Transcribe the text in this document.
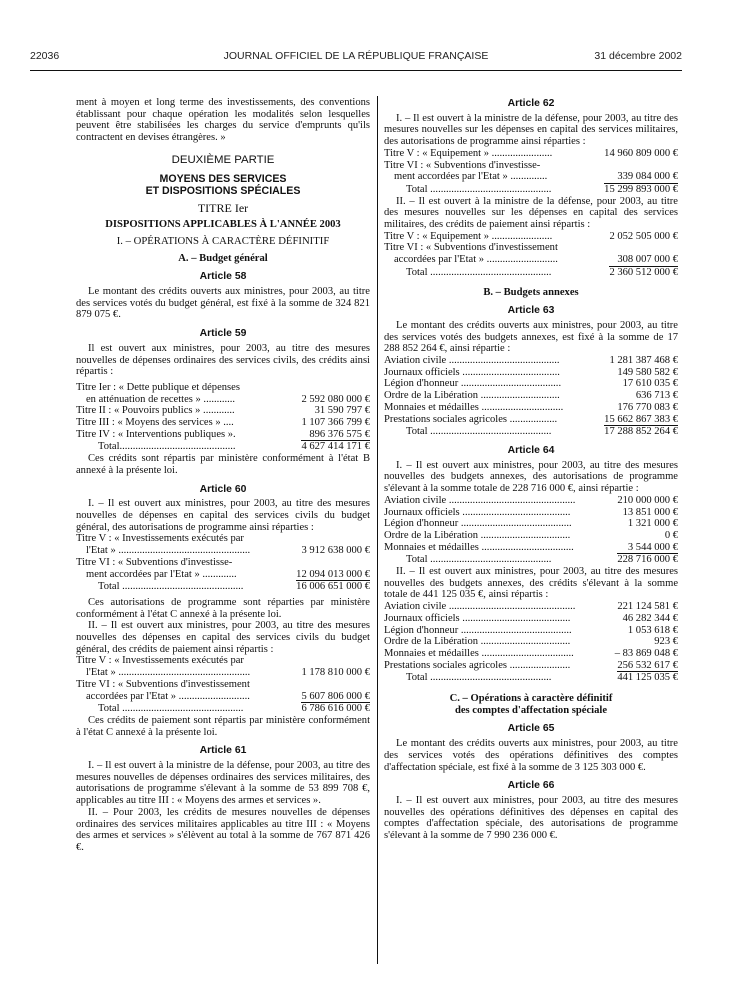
22036	JOURNAL OFFICIEL DE LA RÉPUBLIQUE FRANÇAISE	31 décembre 2002

ment à moyen et long terme des investissements, des conventions établissant pour chaque opération les modalités selon lesquelles peuvent être stabilisées les charges du service d'emprunts qu'ils contractent en devises étrangères. »

DEUXIÈME PARTIE
MOYENS DES SERVICES
ET DISPOSITIONS SPÉCIALES
TITRE Ier
DISPOSITIONS APPLICABLES À L'ANNÉE 2003
I. – OPÉRATIONS À CARACTÈRE DÉFINITIF
A. – Budget général
Article 58

Le montant des crédits ouverts aux ministres, pour 2003, au titre des services votés du budget général, est fixé à la somme de 324 821 879 075 €.

Article 59

Il est ouvert aux ministres, pour 2003, au titre des mesures nouvelles de dépenses ordinaires des services civils, des crédits ainsi répartis :

Titre Ier : « Dette publique et dépenses
en atténuation de recettes » ............	2 592 080 000 €
Titre II : « Pouvoirs publics » ............	31 590 797 €
Titre III : « Moyens des services » ....	1 107 366 799 €
Titre IV : « Interventions publiques ».	896 376 575 €
Total............................................	4 627 414 171 €

Ces crédits sont répartis par ministère conformément à l'état B annexé à la présente loi.

Article 60

I. – Il est ouvert aux ministres, pour 2003, au titre des mesures nouvelles de dépenses en capital des services civils du budget général, des autorisations de programme ainsi réparties :

Titre V : « Investissements exécutés par
l'Etat » ..................................................	3 912 638 000 €
Titre VI : « Subventions d'investisse-
ment accordées par l'Etat » .............	12 094 013 000 €
Total ..............................................	16 006 651 000 €

Ces autorisations de programme sont réparties par ministère conformément à l'état C annexé à la présente loi.

II. – Il est ouvert aux ministres, pour 2003, au titre des mesures nouvelles des dépenses en capital des services civils du budget général, des crédits de paiement ainsi répartis :

Titre V : « Investissements exécutés par
l'Etat » ..................................................	1 178 810 000 €
Titre VI : « Subventions d'investissement
accordées par l'Etat » ...........................	5 607 806 000 €
Total ..............................................	6 786 616 000 €

Ces crédits de paiement sont répartis par ministère conformément à l'état C annexé à la présente loi.

Article 61

I. – Il est ouvert à la ministre de la défense, pour 2003, au titre des mesures nouvelles de dépenses ordinaires des services militaires, des autorisations de programme s'élevant à la somme de 53 899 708 €, applicables au titre III : « Moyens des armes et services ».

II. – Pour 2003, les crédits de mesures nouvelles de dépenses ordinaires des services militaires applicables au titre III : « Moyens des armes et services » s'élèvent au total à la somme de 767 871 426 €.

Article 62

I. – Il est ouvert à la ministre de la défense, pour 2003, au titre des mesures nouvelles sur les dépenses en capital des services militaires, des autorisations de programme ainsi réparties :

Titre V : « Equipement » .......................	14 960 809 000 €
Titre VI : « Subventions d'investisse-
ment accordées par l'Etat » ..............	339 084 000 €
Total ..............................................	15 299 893 000 €

II. – Il est ouvert à la ministre de la défense, pour 2003, au titre des mesures nouvelles sur les dépenses en capital des services militaires, des crédits de paiement ainsi répartis :

Titre V : « Equipement » .......................	2 052 505 000 €
Titre VI : « Subventions d'investissement
accordées par l'Etat » ...........................	308 007 000 €
Total ..............................................	2 360 512 000 €
B. – Budgets annexes
Article 63

Le montant des crédits ouverts aux ministres, pour 2003, au titre des services votés des budgets annexes, est fixé à la somme de 17 288 852 264 €, ainsi répartie :

Aviation civile ..........................................	1 281 387 468 €
Journaux officiels .....................................	149 580 582 €
Légion d'honneur ......................................	17 610 035 €
Ordre de la Libération ..............................	636 713 €
Monnaies et médailles ...............................	176 770 083 €
Prestations sociales agricoles ..................	15 662 867 383 €
Total ..............................................	17 288 852 264 €
Article 64

I. – Il est ouvert aux ministres, pour 2003, au titre des mesures nouvelles des budgets annexes, des autorisations de programme s'élevant à la somme totale de 228 716 000 €, ainsi répartie :

Aviation civile ................................................	210 000 000 €
Journaux officiels .........................................	13 851 000 €
Légion d'honneur ..........................................	1 321 000 €
Ordre de la Libération ..................................	0 €
Monnaies et médailles ...................................	3 544 000 €
Total ..............................................	228 716 000 €

II. – Il est ouvert aux ministres, pour 2003, au titre des mesures nouvelles des budgets annexes, des crédits s'élevant à la somme totale de 441 125 035 €, ainsi répartis :

Aviation civile ................................................	221 124 581 €
Journaux officiels .........................................	46 282 344 €
Légion d'honneur ..........................................	1 053 618 €
Ordre de la Libération ..................................	923 €
Monnaies et médailles ...................................	– 83 869 048 €
Prestations sociales agricoles .......................	256 532 617 €
Total ..............................................	441 125 035 €
C. – Opérations à caractère définitif
des comptes d'affectation spéciale
Article 65

Le montant des crédits ouverts aux ministres, pour 2003, au titre des services votés des opérations définitives des comptes d'affectation spéciale, est fixé à la somme de 3 125 303 000 €.

Article 66

I. – Il est ouvert aux ministres, pour 2003, au titre des mesures nouvelles des opérations définitives des dépenses en capital des comptes d'affectation spéciale, des autorisations de programme s'élevant à la somme de 7 990 236 000 €.
